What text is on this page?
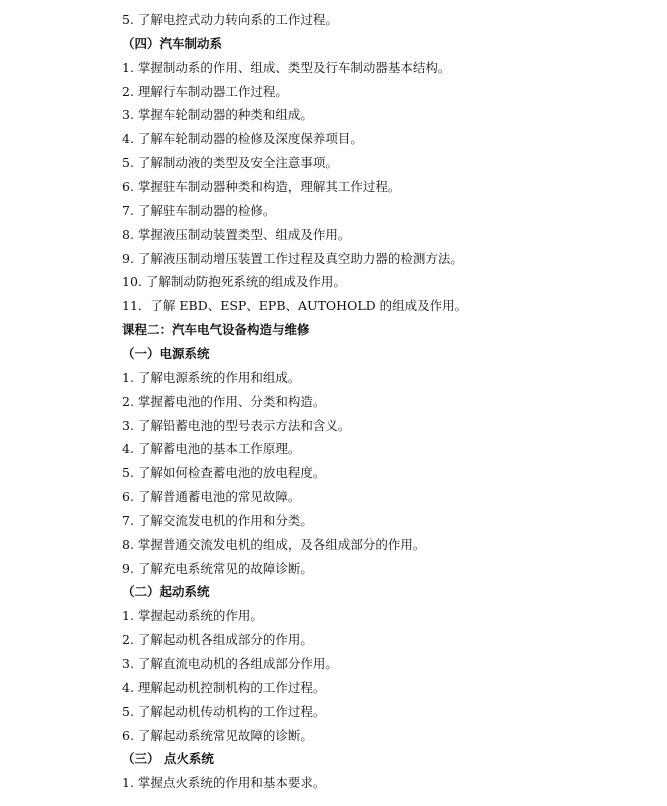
5. 了解电控式动力转向系的工作过程。
（四）汽车制动系
1. 掌握制动系的作用、组成、类型及行车制动器基本结构。
2. 理解行车制动器工作过程。
3. 掌握车轮制动器的种类和组成。
4. 了解车轮制动器的检修及深度保养项目。
5. 了解制动液的类型及安全注意事项。
6. 掌握驻车制动器种类和构造，理解其工作过程。
7. 了解驻车制动器的检修。
8. 掌握液压制动装置类型、组成及作用。
9. 了解液压制动增压装置工作过程及真空助力器的检测方法。
10. 了解制动防抱死系统的组成及作用。
11．了解 EBD、ESP、EPB、AUTOHOLD 的组成及作用。
课程二：汽车电气设备构造与维修
（一）电源系统
1. 了解电源系统的作用和组成。
2. 掌握蓄电池的作用、分类和构造。
3. 了解铅蓄电池的型号表示方法和含义。
4. 了解蓄电池的基本工作原理。
5. 了解如何检查蓄电池的放电程度。
6. 了解普通蓄电池的常见故障。
7. 了解交流发电机的作用和分类。
8. 掌握普通交流发电机的组成，及各组成部分的作用。
9. 了解充电系统常见的故障诊断。
（二）起动系统
1. 掌握起动系统的作用。
2. 了解起动机各组成部分的作用。
3. 了解直流电动机的各组成部分作用。
4. 理解起动机控制机构的工作过程。
5. 了解起动机传动机构的工作过程。
6. 了解起动系统常见故障的诊断。
（三） 点火系统
1. 掌握点火系统的作用和基本要求。
